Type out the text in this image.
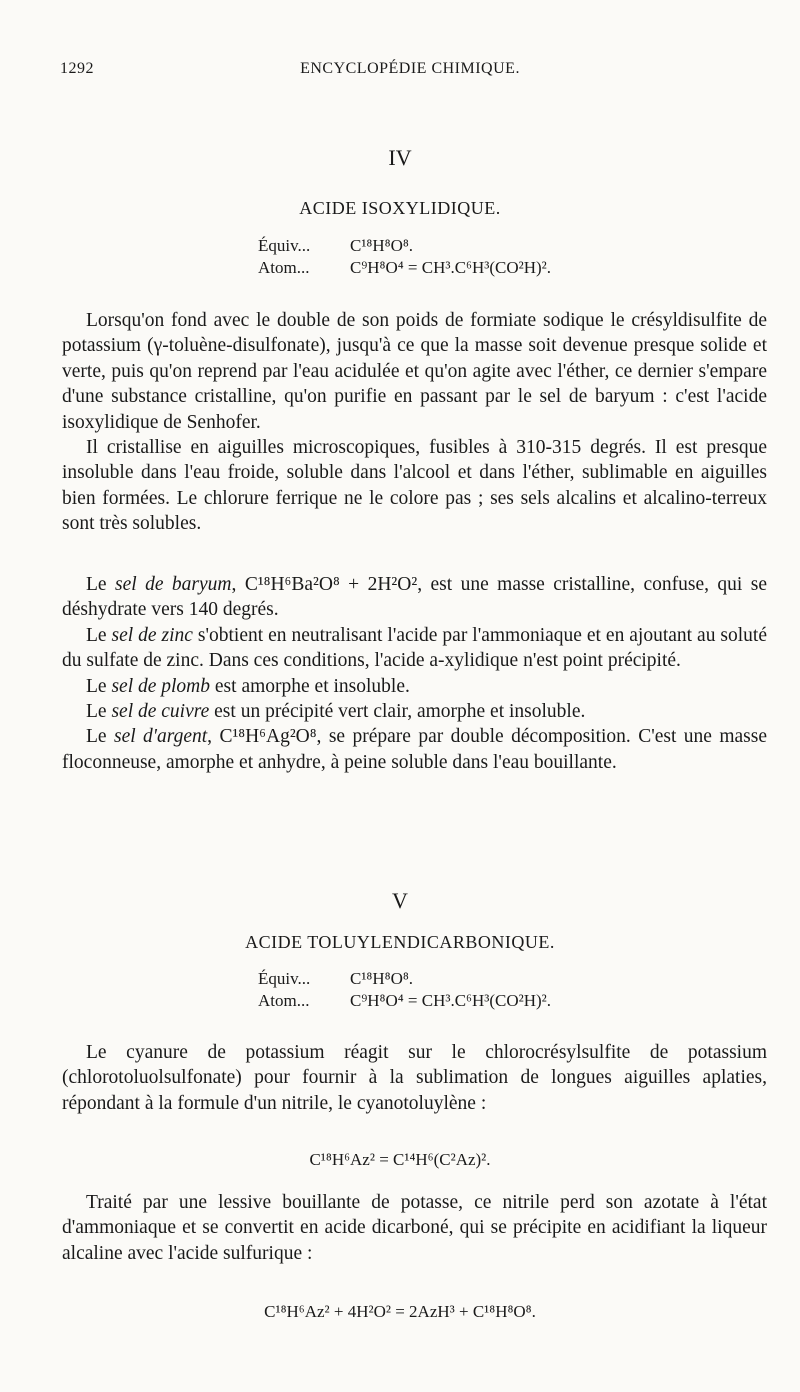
ENCYCLOPÉDIE CHIMIQUE.
1292
IV
ACIDE ISOXYLIDIQUE.
Équiv... C¹⁸H⁸O⁸.
Atom... C⁹H⁸O⁴ = CH³.C⁶H³(CO²H)².

Lorsqu'on fond avec le double de son poids de formiate sodique le crésyldisulfite de potassium (γ-toluène-disulfonate), jusqu'à ce que la masse soit devenue presque solide et verte, puis qu'on reprend par l'eau acidulée et qu'on agite avec l'éther, ce dernier s'empare d'une substance cristalline, qu'on purifie en passant par le sel de baryum : c'est l'acide isoxylidique de Senhofer.

Il cristallise en aiguilles microscopiques, fusibles à 310-315 degrés. Il est presque insoluble dans l'eau froide, soluble dans l'alcool et dans l'éther, sublimable en aiguilles bien formées. Le chlorure ferrique ne le colore pas ; ses sels alcalins et alcalino-terreux sont très solubles.

Le sel de baryum, C¹⁸H⁶Ba²O⁸ + 2H²O², est une masse cristalline, confuse, qui se déshydrate vers 140 degrés.

Le sel de zinc s'obtient en neutralisant l'acide par l'ammoniaque et en ajoutant au soluté du sulfate de zinc. Dans ces conditions, l'acide a-xylidique n'est point précipité.

Le sel de plomb est amorphe et insoluble.

Le sel de cuivre est un précipité vert clair, amorphe et insoluble.

Le sel d'argent, C¹⁸H⁶Ag²O⁸, se prépare par double décomposition. C'est une masse floconneuse, amorphe et anhydre, à peine soluble dans l'eau bouillante.

V
ACIDE TOLUYLENDICARBONIQUE.
Équiv... C¹⁸H⁸O⁸.
Atom... C⁹H⁸O⁴ = CH³.C⁶H³(CO²H)².

Le cyanure de potassium réagit sur le chlorocrésylsulfite de potassium (chlorotoluolsulfonate) pour fournir à la sublimation de longues aiguilles aplaties, répondant à la formule d'un nitrile, le cyanotoluylène :

C¹⁸H⁶Az² = C¹⁴H⁶(C²Az)².

Traité par une lessive bouillante de potasse, ce nitrile perd son azotate à l'état d'ammoniaque et se convertit en acide dicarboné, qui se précipite en acidifiant la liqueur alcaline avec l'acide sulfurique :

C¹⁸H⁶Az² + 4H²O² = 2AzH³ + C¹⁸H⁸O⁸.
